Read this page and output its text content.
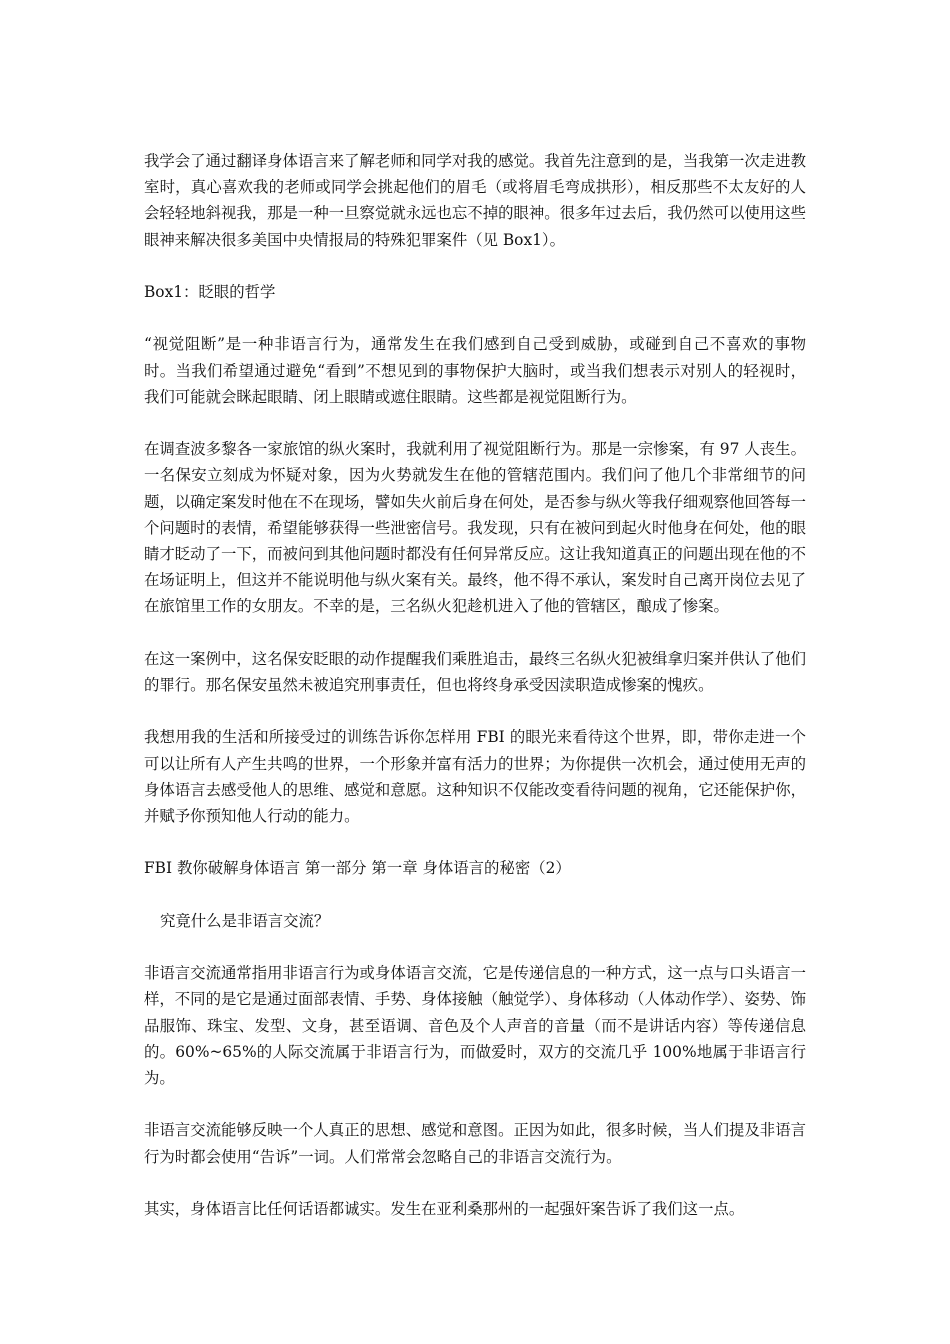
我学会了通过翻译身体语言来了解老师和同学对我的感觉。我首先注意到的是，当我第一次走进教室时，真心喜欢我的老师或同学会挑起他们的眉毛（或将眉毛弯成拱形），相反那些不太友好的人会轻轻地斜视我，那是一种一旦察觉就永远也忘不掉的眼神。很多年过去后，我仍然可以使用这些眼神来解决很多美国中央情报局的特殊犯罪案件（见 Box1）。

Box1：眨眼的哲学

“视觉阻断”是一种非语言行为，通常发生在我们感到自己受到威胁，或碰到自己不喜欢的事物时。当我们希望通过避免“看到”不想见到的事物保护大脑时，或当我们想表示对别人的轻视时，我们可能就会眯起眼睛、闭上眼睛或遮住眼睛。这些都是视觉阻断行为。

在调查波多黎各一家旅馆的纵火案时，我就利用了视觉阻断行为。那是一宗惨案，有 97 人丧生。一名保安立刻成为怀疑对象，因为火势就发生在他的管辖范围内。我们问了他几个非常细节的问题，以确定案发时他在不在现场，譬如失火前后身在何处，是否参与纵火等我仔细观察他回答每一个问题时的表情，希望能够获得一些泄密信号。我发现，只有在被问到起火时他身在何处，他的眼睛才眨动了一下，而被问到其他问题时都没有任何异常反应。这让我知道真正的问题出现在他的不在场证明上，但这并不能说明他与纵火案有关。最终，他不得不承认，案发时自己离开岗位去见了在旅馆里工作的女朋友。不幸的是，三名纵火犯趁机进入了他的管辖区，酿成了惨案。

在这一案例中，这名保安眨眼的动作提醒我们乘胜追击，最终三名纵火犯被缉拿归案并供认了他们的罪行。那名保安虽然未被追究刑事责任，但也将终身承受因渎职造成惨案的愧疚。

我想用我的生活和所接受过的训练告诉你怎样用 FBI 的眼光来看待这个世界，即，带你走进一个可以让所有人产生共鸣的世界，一个形象并富有活力的世界；为你提供一次机会，通过使用无声的身体语言去感受他人的思维、感觉和意愿。这种知识不仅能改变看待问题的视角，它还能保护你，并赋予你预知他人行动的能力。

FBI 教你破解身体语言 第一部分 第一章 身体语言的秘密（2）

究竟什么是非语言交流？

非语言交流通常指用非语言行为或身体语言交流，它是传递信息的一种方式，这一点与口头语言一样，不同的是它是通过面部表情、手势、身体接触（触觉学）、身体移动（人体动作学）、姿势、饰品服饰、珠宝、发型、文身，甚至语调、音色及个人声音的音量（而不是讲话内容）等传递信息的。60%~65%的人际交流属于非语言行为，而做爱时，双方的交流几乎 100%地属于非语言行为。

非语言交流能够反映一个人真正的思想、感觉和意图。正因为如此，很多时候，当人们提及非语言行为时都会使用“告诉”一词。人们常常会忽略自己的非语言交流行为。

其实，身体语言比任何话语都诚实。发生在亚利桑那州的一起强奸案告诉了我们这一点。
